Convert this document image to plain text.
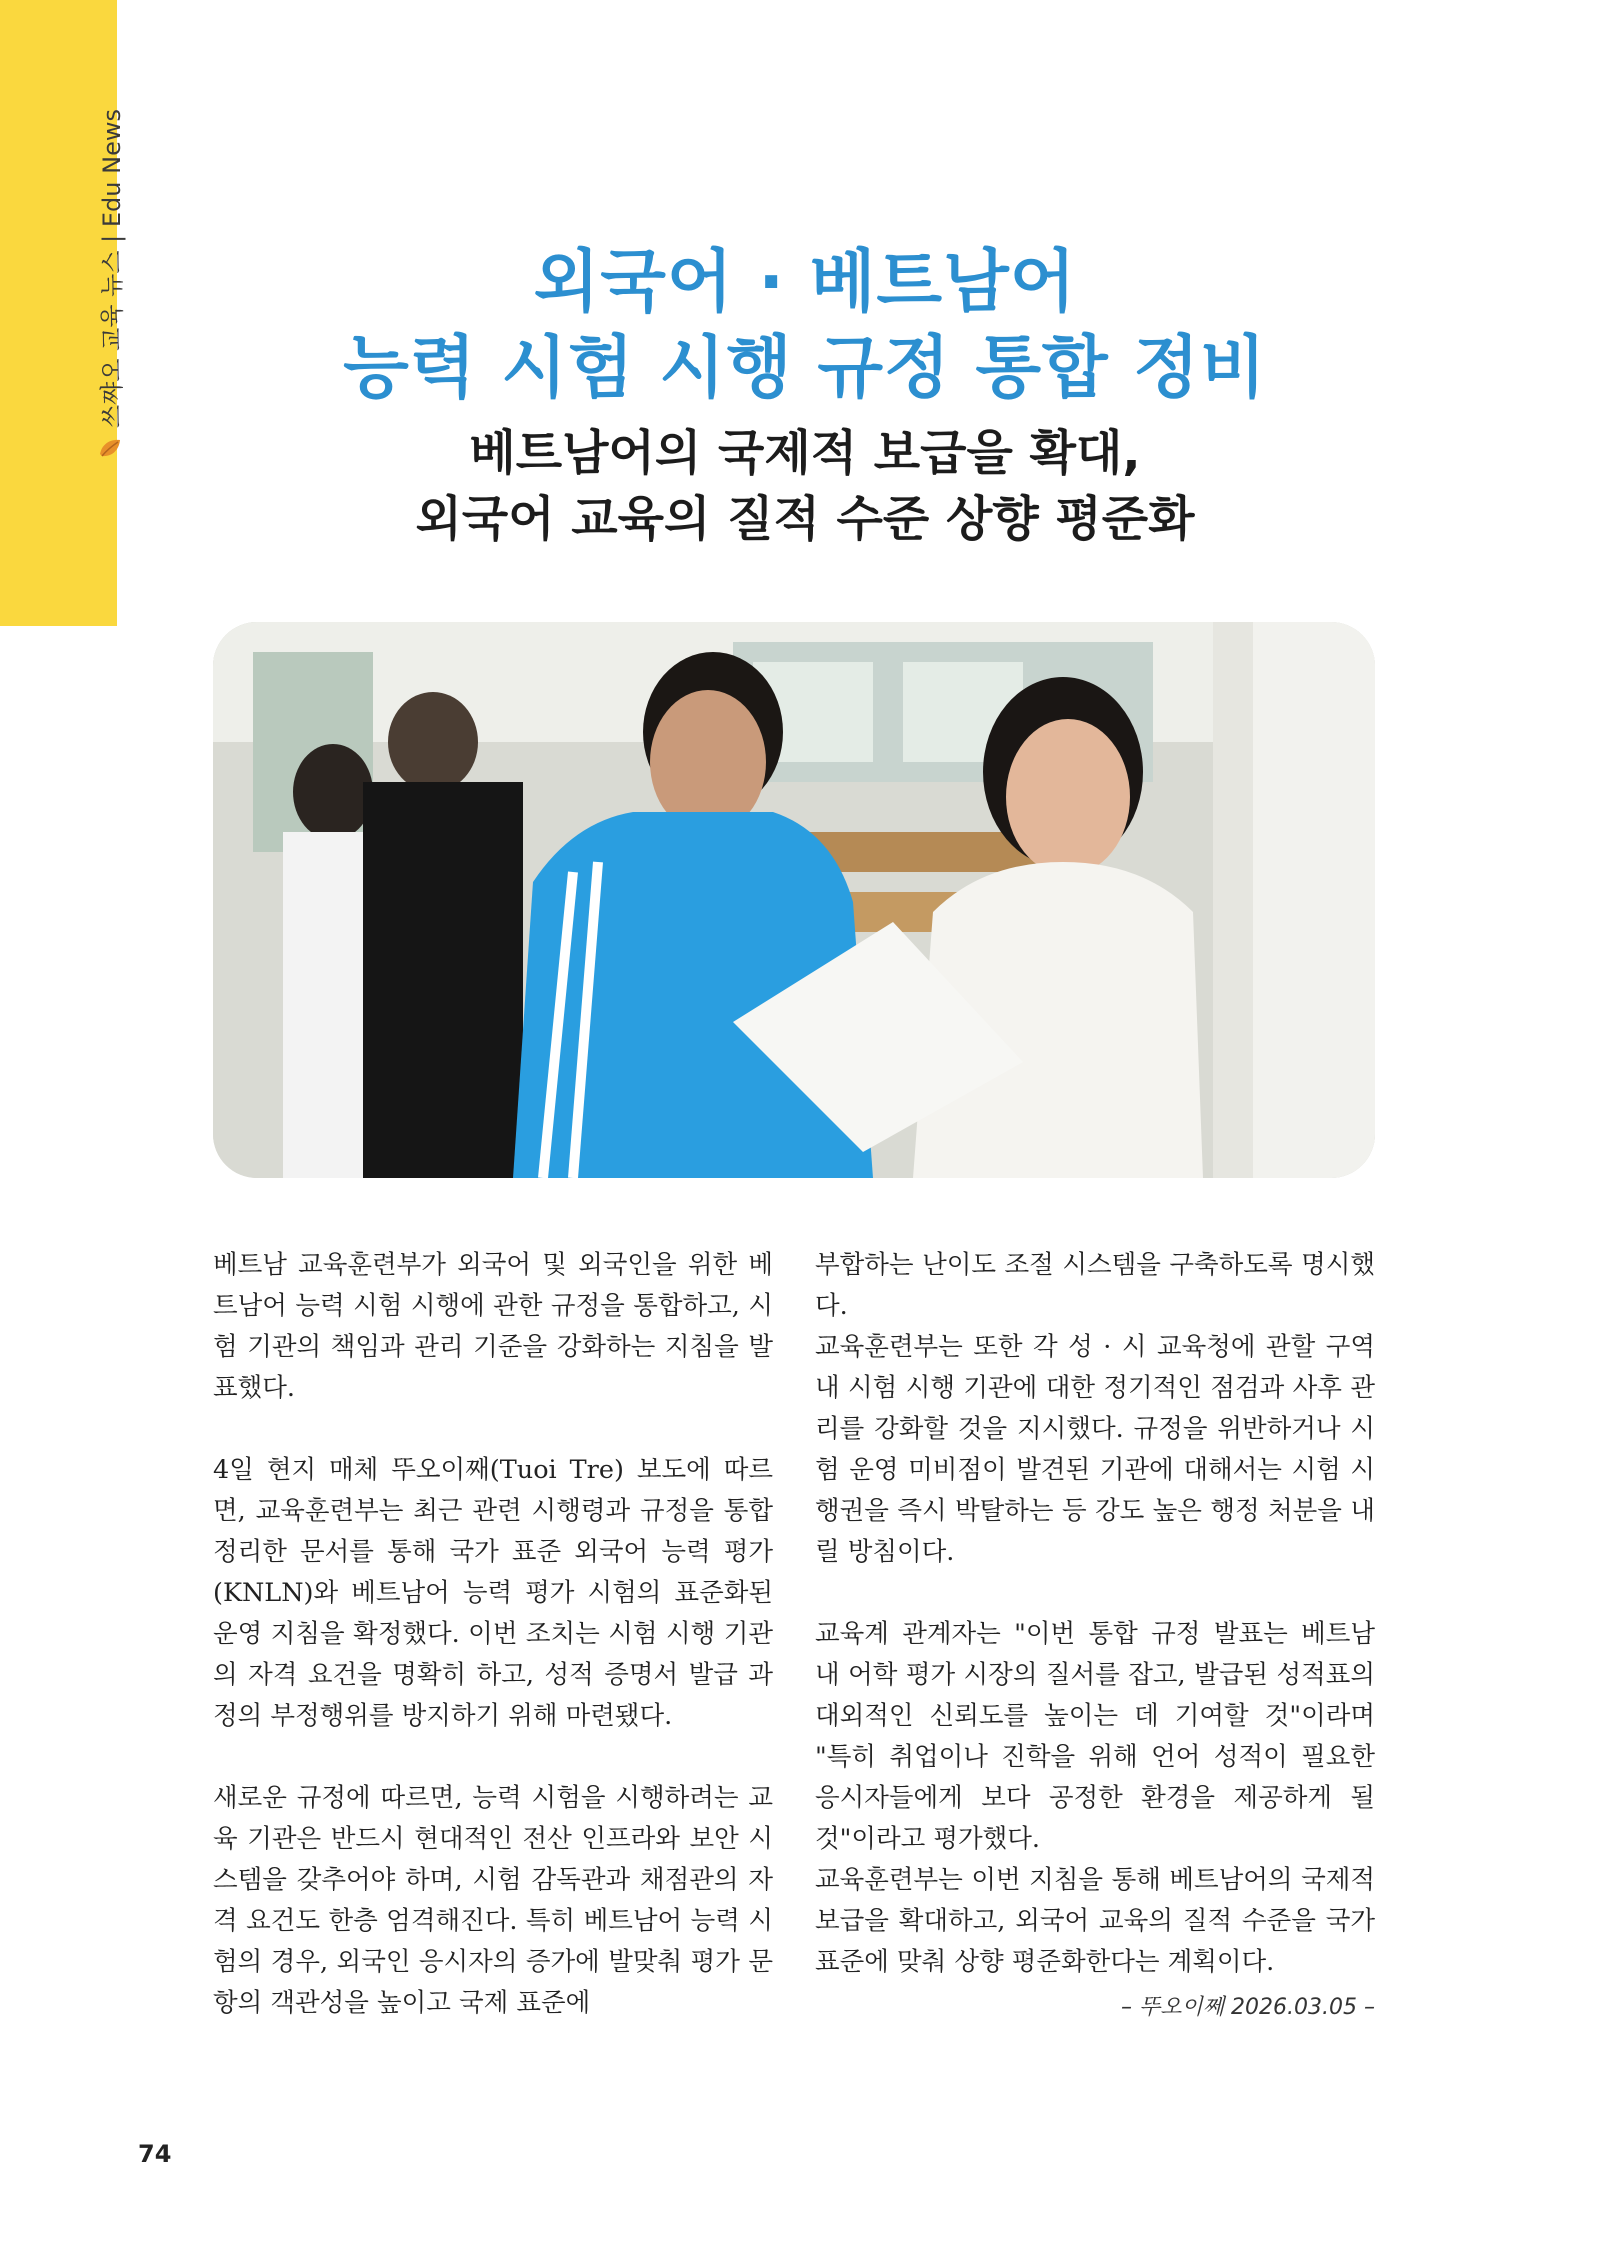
쓰쨔오 교육 뉴스 | Edu News	외국어 · 베트남어
능력 시험 시행 규정 통합 정비
베트남어의 국제적 보급을 확대,
외국어 교육의 질적 수준 상향 평준화

베트남 교육훈련부가 외국어 및 외국인을 위한 베트남어 능력 시험 시행에 관한 규정을 통합하고, 시험 기관의 책임과 관리 기준을 강화하는 지침을 발표했다.

4일 현지 매체 뚜오이째(Tuoi Tre) 보도에 따르면, 교육훈련부는 최근 관련 시행령과 규정을 통합 정리한 문서를 통해 국가 표준 외국어 능력 평가(KNLN)와 베트남어 능력 평가 시험의 표준화된 운영 지침을 확정했다. 이번 조치는 시험 시행 기관의 자격 요건을 명확히 하고, 성적 증명서 발급 과정의 부정행위를 방지하기 위해 마련됐다.

새로운 규정에 따르면, 능력 시험을 시행하려는 교육 기관은 반드시 현대적인 전산 인프라와 보안 시스템을 갖추어야 하며, 시험 감독관과 채점관의 자격 요건도 한층 엄격해진다. 특히 베트남어 능력 시험의 경우, 외국인 응시자의 증가에 발맞춰 평가 문항의 객관성을 높이고 국제 표준에

부합하는 난이도 조절 시스템을 구축하도록 명시했다.

교육훈련부는 또한 각 성 · 시 교육청에 관할 구역 내 시험 시행 기관에 대한 정기적인 점검과 사후 관리를 강화할 것을 지시했다. 규정을 위반하거나 시험 운영 미비점이 발견된 기관에 대해서는 시험 시행권을 즉시 박탈하는 등 강도 높은 행정 처분을 내릴 방침이다.

교육계 관계자는 "이번 통합 규정 발표는 베트남 내 어학 평가 시장의 질서를 잡고, 발급된 성적표의 대외적인 신뢰도를 높이는 데 기여할 것"이라며 "특히 취업이나 진학을 위해 언어 성적이 필요한 응시자들에게 보다 공정한 환경을 제공하게 될 것"이라고 평가했다.

교육훈련부는 이번 지침을 통해 베트남어의 국제적 보급을 확대하고, 외국어 교육의 질적 수준을 국가 표준에 맞춰 상향 평준화한다는 계획이다.

– 뚜오이쩨 2026.03.05 –
74
